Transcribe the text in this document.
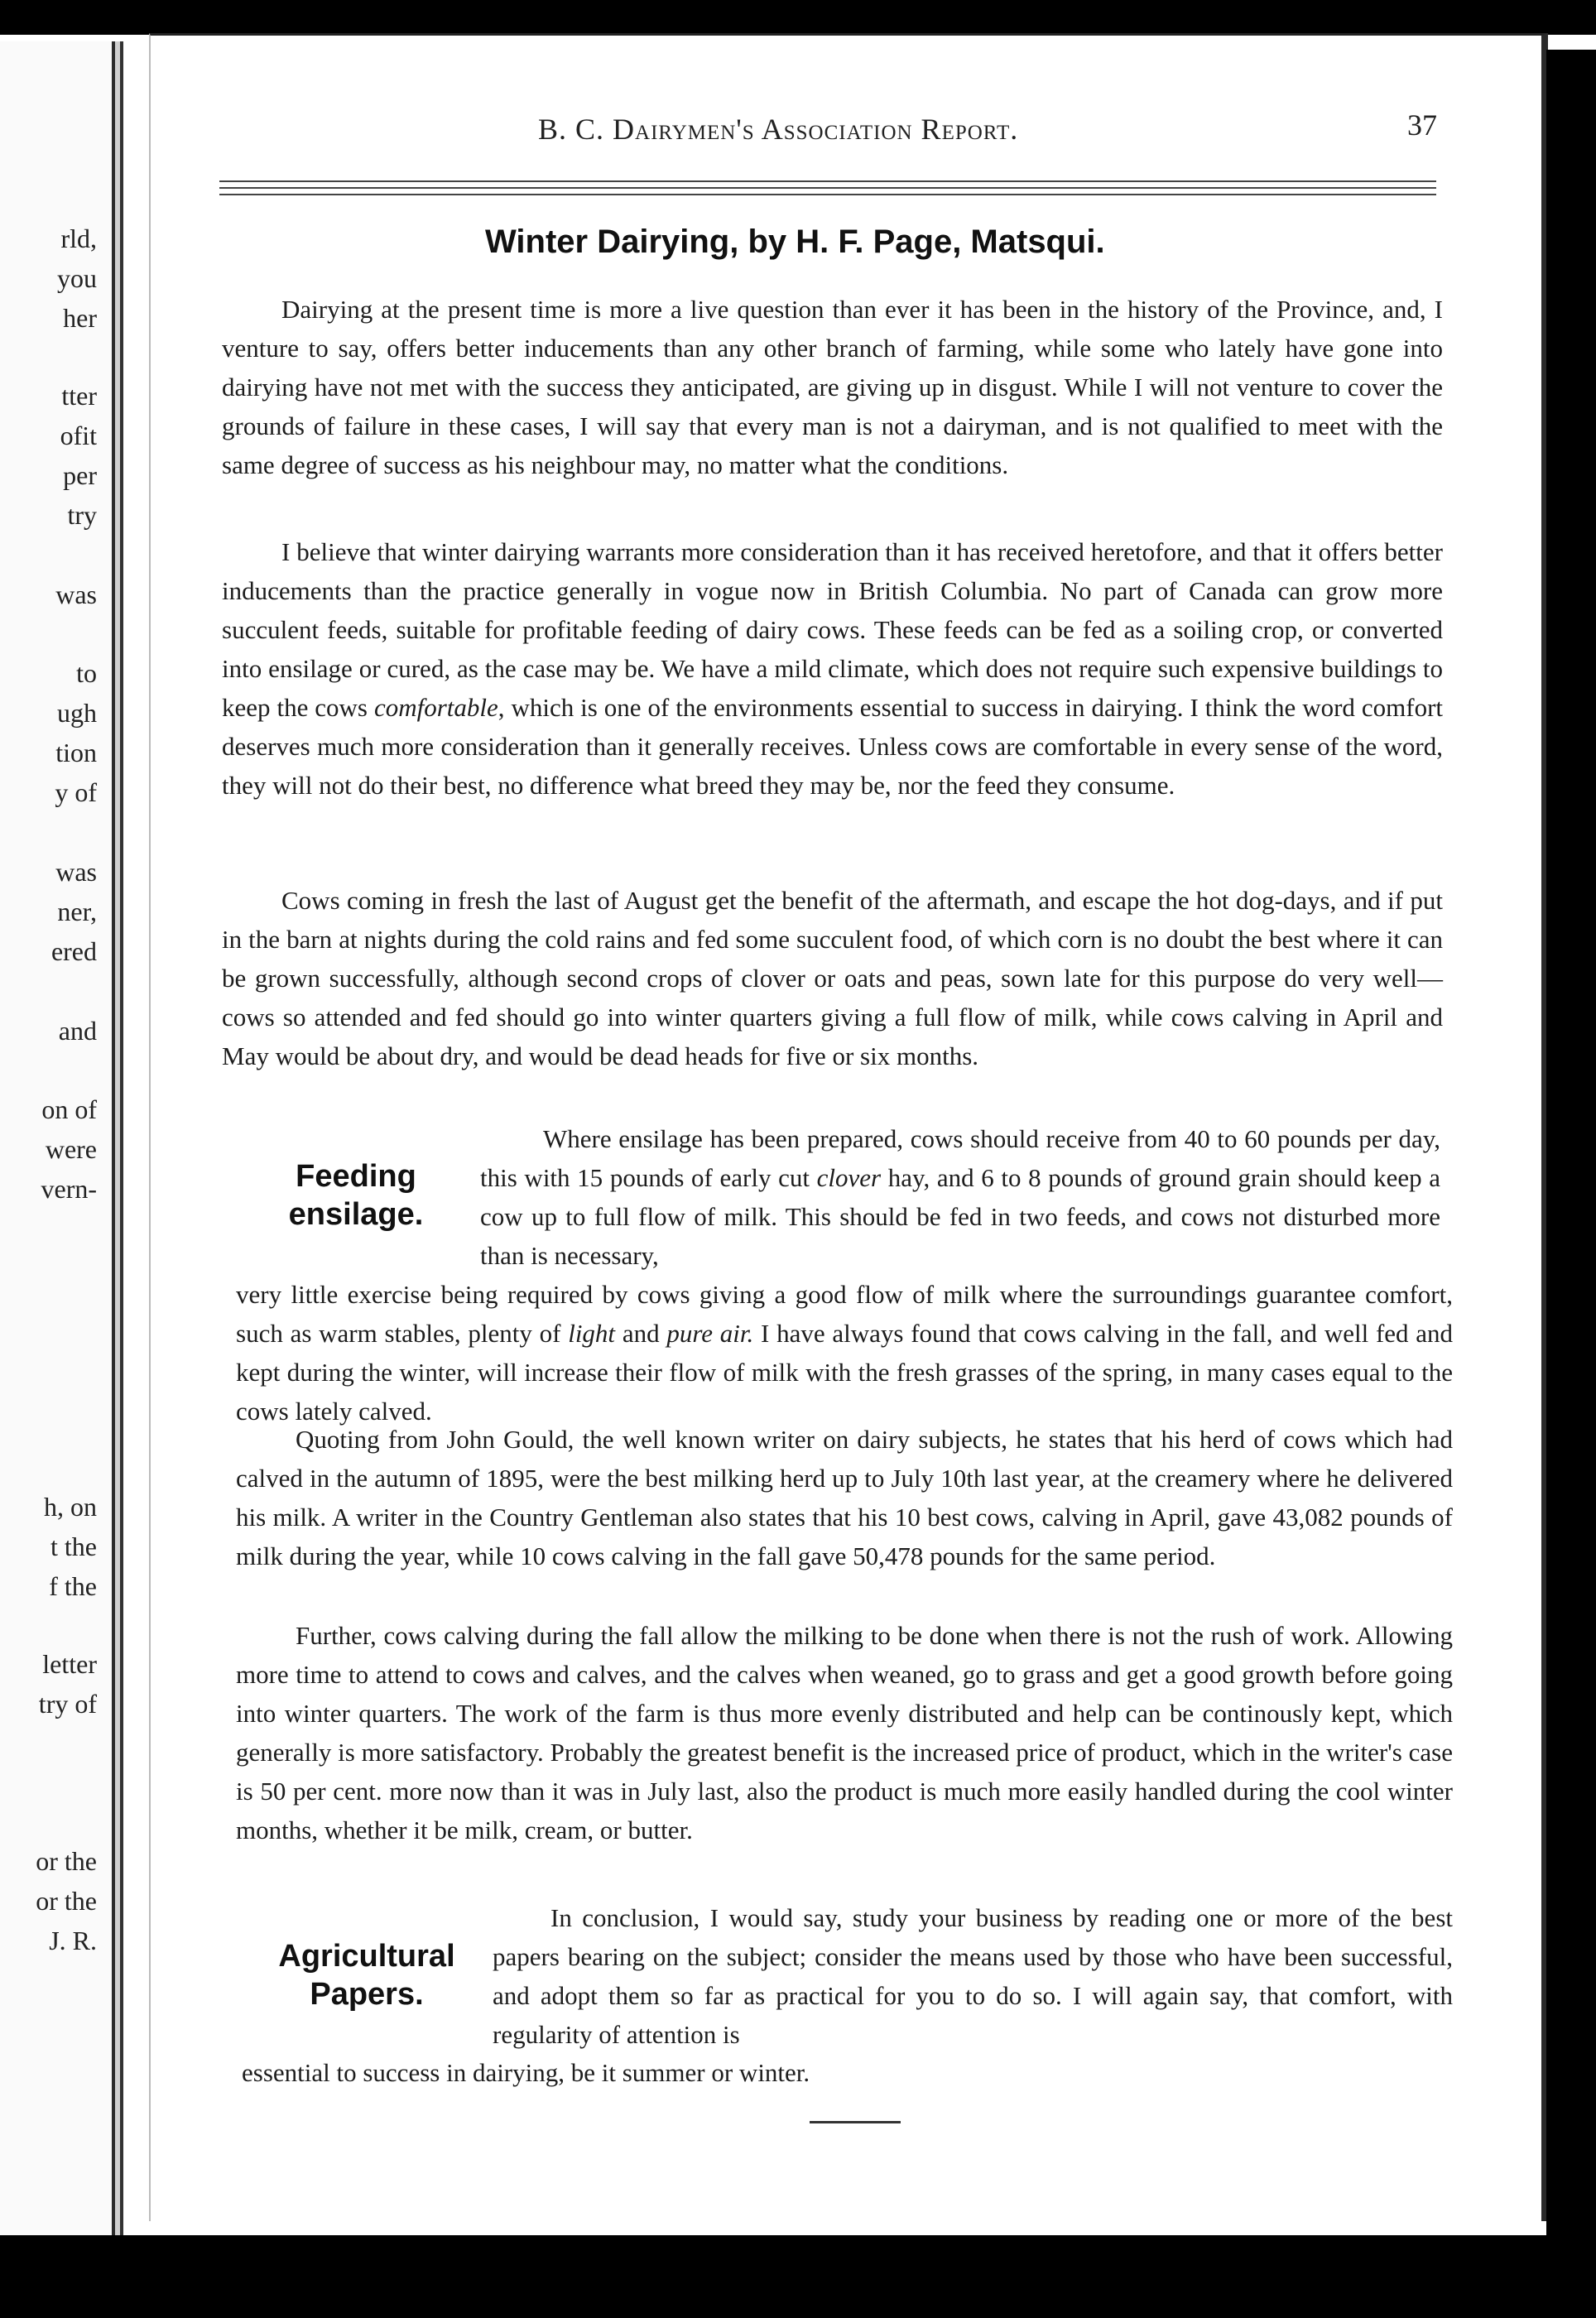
rld,
you
her
tter
ofit
per
try
was
to
ugh
tion
y of
was
ner,
ered
and
on of
were
vern-
h, on
t the
f the
letter
try of
or the
or the
J. R.
B. C. Dairymen's Association Report.	37
Winter Dairying, by H. F. Page, Matsqui.
Dairying at the present time is more a live question than ever it has been in the history of the Province, and, I venture to say, offers better inducements than any other branch of farming, while some who lately have gone into dairying have not met with the success they anticipated, are giving up in disgust. While I will not venture to cover the grounds of failure in these cases, I will say that every man is not a dairyman, and is not qualified to meet with the same degree of success as his neighbour may, no matter what the conditions.
I believe that winter dairying warrants more consideration than it has received heretofore, and that it offers better inducements than the practice generally in vogue now in British Columbia. No part of Canada can grow more succulent feeds, suitable for profitable feeding of dairy cows. These feeds can be fed as a soiling crop, or converted into ensilage or cured, as the case may be. We have a mild climate, which does not require such expensive buildings to keep the cows comfortable, which is one of the environments essential to success in dairying. I think the word comfort deserves much more consideration than it generally receives. Unless cows are comfortable in every sense of the word, they will not do their best, no difference what breed they may be, nor the feed they consume.
Cows coming in fresh the last of August get the benefit of the aftermath, and escape the hot dog-days, and if put in the barn at nights during the cold rains and fed some succulent food, of which corn is no doubt the best where it can be grown successfully, although second crops of clover or oats and peas, sown late for this purpose do very well—cows so attended and fed should go into winter quarters giving a full flow of milk, while cows calving in April and May would be about dry, and would be dead heads for five or six months.
Feeding
ensilage.
Where ensilage has been prepared, cows should receive from 40 to 60 pounds per day, this with 15 pounds of early cut clover hay, and 6 to 8 pounds of ground grain should keep a cow up to full flow of milk. This should be fed in two feeds, and cows not disturbed more than is necessary,
very little exercise being required by cows giving a good flow of milk where the surroundings guarantee comfort, such as warm stables, plenty of light and pure air. I have always found that cows calving in the fall, and well fed and kept during the winter, will increase their flow of milk with the fresh grasses of the spring, in many cases equal to the cows lately calved.
Quoting from John Gould, the well known writer on dairy subjects, he states that his herd of cows which had calved in the autumn of 1895, were the best milking herd up to July 10th last year, at the creamery where he delivered his milk. A writer in the Country Gentleman also states that his 10 best cows, calving in April, gave 43,082 pounds of milk during the year, while 10 cows calving in the fall gave 50,478 pounds for the same period.
Further, cows calving during the fall allow the milking to be done when there is not the rush of work. Allowing more time to attend to cows and calves, and the calves when weaned, go to grass and get a good growth before going into winter quarters. The work of the farm is thus more evenly distributed and help can be continously kept, which generally is more satisfactory. Probably the greatest benefit is the increased price of product, which in the writer's case is 50 per cent. more now than it was in July last, also the product is much more easily handled during the cool winter months, whether it be milk, cream, or butter.
Agricultural
Papers.
In conclusion, I would say, study your business by reading one or more of the best papers bearing on the subject; consider the means used by those who have been successful, and adopt them so far as practical for you to do so. I will again say, that comfort, with regularity of attention is
essential to success in dairying, be it summer or winter.
